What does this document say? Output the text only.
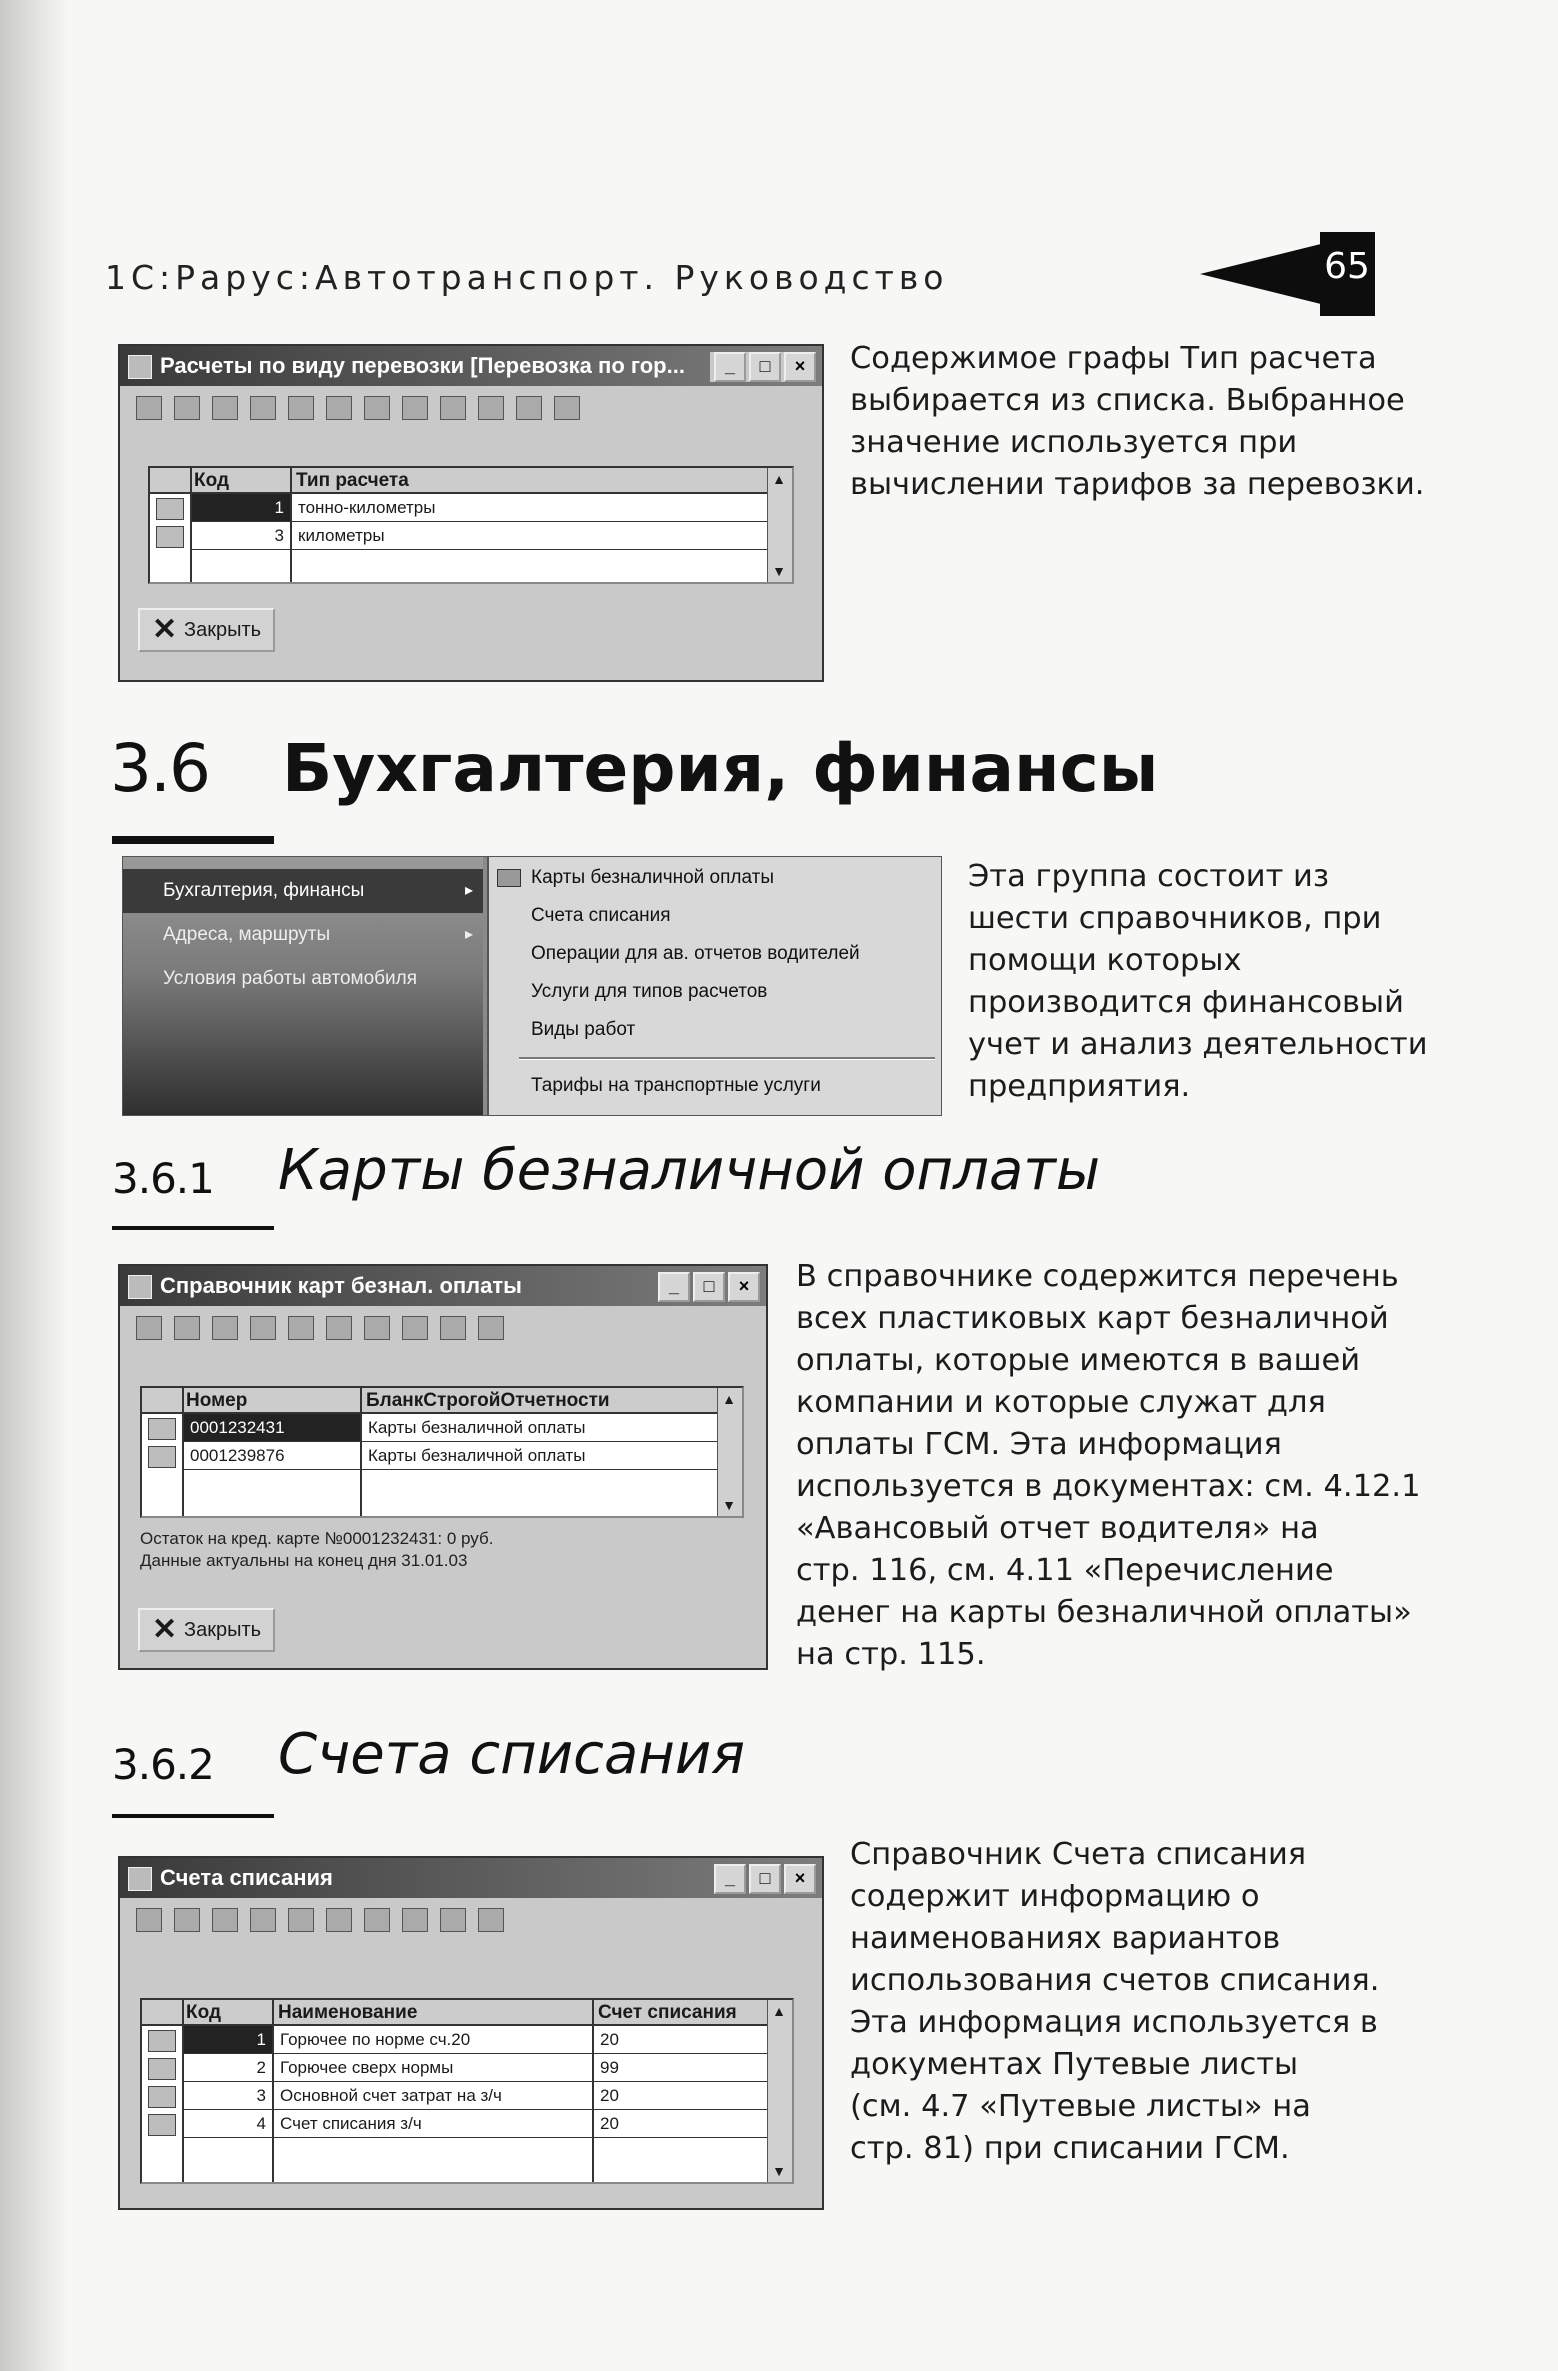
1С:Рарус:Автотранспорт. Руководство	65
Расчеты по виду перевозки [Перевозка по гор...	_	□	×
Код	Тип расчета
1 тонно-километры
3 километры
▲
▼
✕ Закрыть
Содержимое графы Тип расчета
выбирается из списка. Выбранное
значение используется при
вычислении тарифов за перевозки.
3.6 Бухгалтерия, финансы
Бухгалтерия, финансы ▸
Адреса, маршруты ▸
Условия работы автомобиля
Карты безналичной оплаты
Счета списания
Операции для ав. отчетов водителей
Услуги для типов расчетов
Виды работ
Тарифы на транспортные услуги
Эта группа состоит из
шести справочников, при
помощи которых
производится финансовый
учет и анализ деятельности
предприятия.
3.6.1 Карты безналичной оплаты
Справочник карт безнал. оплаты	_	□	×
Номер	БланкСтрогойОтчетности
0001232431	Карты безналичной оплаты
0001239876	Карты безналичной оплаты
▲
▼
Остаток на кред. карте №0001232431: 0 руб.
Данные актуальны на конец дня 31.01.03
✕ Закрыть
В справочнике содержится перечень
всех пластиковых карт безналичной
оплаты, которые имеются в вашей
компании и которые служат для
оплаты ГСМ. Эта информация
используется в документах: см. 4.12.1
«Авансовый отчет водителя» на
стр. 116, см. 4.11 «Перечисление
денег на карты безналичной оплаты»
на стр. 115.
3.6.2 Счета списания
Счета списания	_	□	×
Код	Наименование	Счет списания
1 Горючее по норме сч.20	20
2 Горючее сверх нормы	99
3 Основной счет затрат на з/ч	20
4 Счет списания з/ч	20
▲
▼
Справочник Счета списания
содержит информацию о
наименованиях вариантов
использования счетов списания.
Эта информация используется в
документах Путевые листы
(см. 4.7 «Путевые листы» на
стр. 81) при списании ГСМ.
